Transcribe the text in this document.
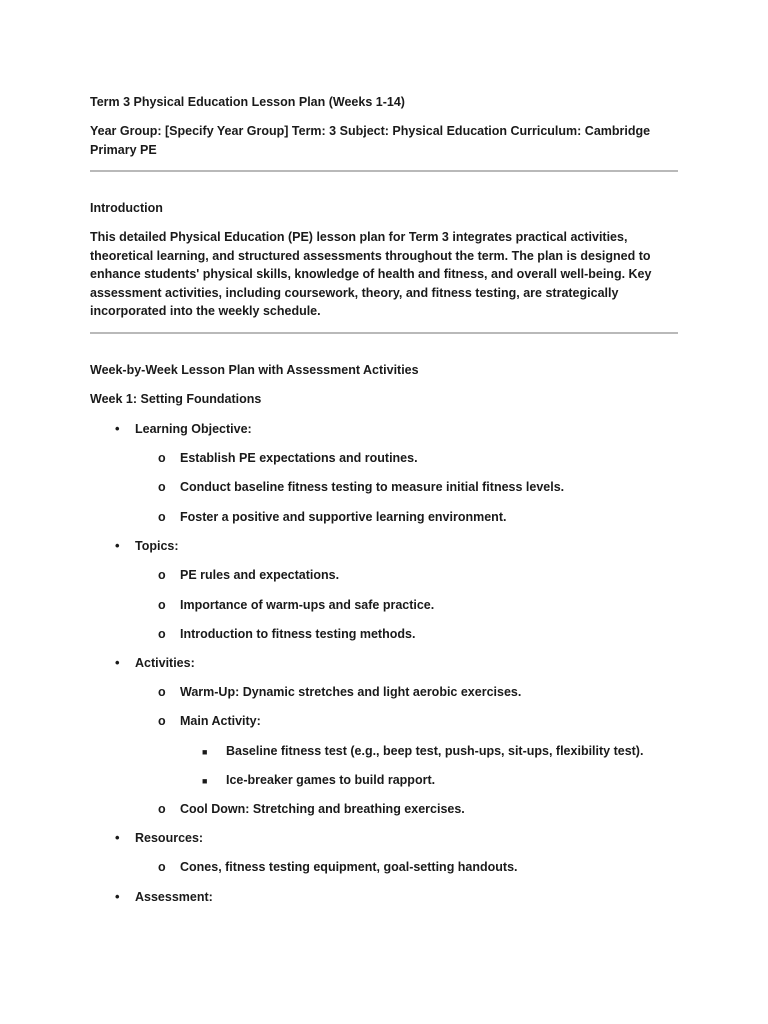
Term 3 Physical Education Lesson Plan (Weeks 1-14)
Year Group: [Specify Year Group] Term: 3 Subject: Physical Education Curriculum: Cambridge Primary PE
Introduction
This detailed Physical Education (PE) lesson plan for Term 3 integrates practical activities, theoretical learning, and structured assessments throughout the term. The plan is designed to enhance students' physical skills, knowledge of health and fitness, and overall well-being. Key assessment activities, including coursework, theory, and fitness testing, are strategically incorporated into the weekly schedule.
Week-by-Week Lesson Plan with Assessment Activities
Week 1: Setting Foundations
• Learning Objective:
o Establish PE expectations and routines.
o Conduct baseline fitness testing to measure initial fitness levels.
o Foster a positive and supportive learning environment.
• Topics:
o PE rules and expectations.
o Importance of warm-ups and safe practice.
o Introduction to fitness testing methods.
• Activities:
o Warm-Up: Dynamic stretches and light aerobic exercises.
o Main Activity:
■ Baseline fitness test (e.g., beep test, push-ups, sit-ups, flexibility test).
■ Ice-breaker games to build rapport.
o Cool Down: Stretching and breathing exercises.
• Resources:
o Cones, fitness testing equipment, goal-setting handouts.
• Assessment:
